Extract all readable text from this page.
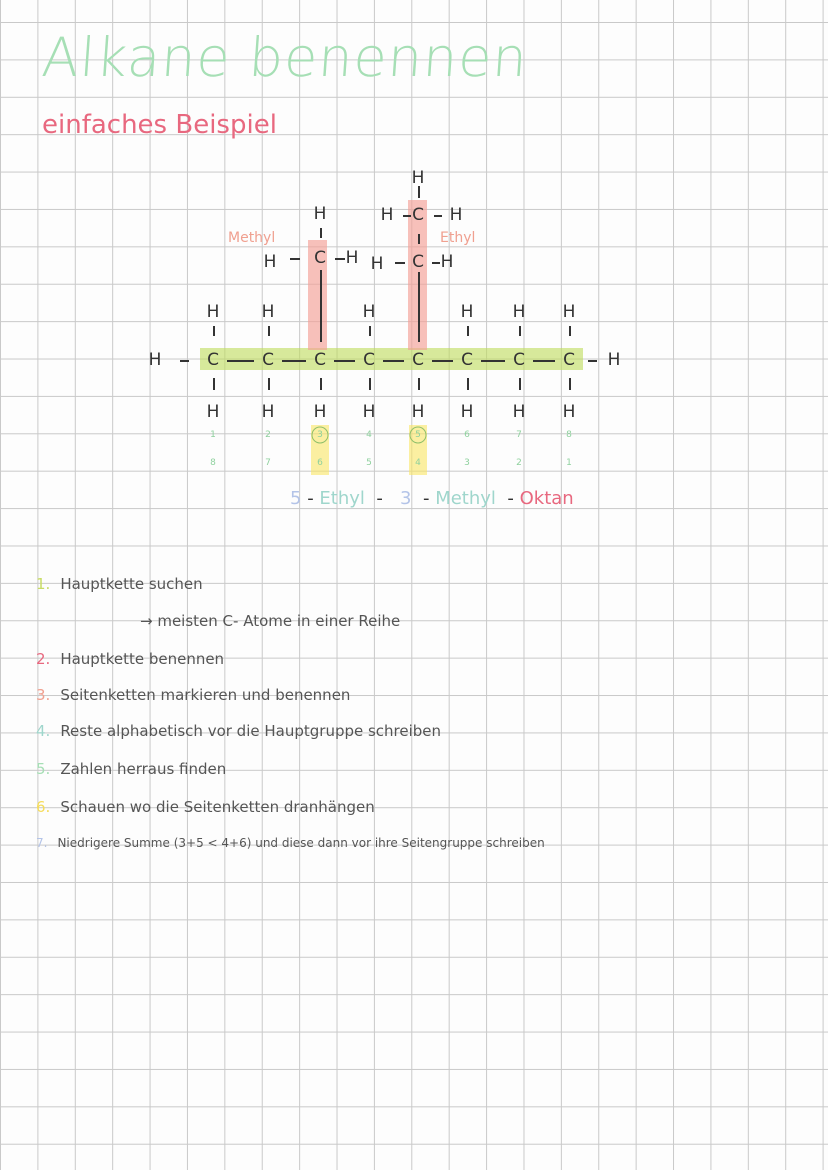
Alkane benennen
einfaches Beispiel
Methyl	Ethyl
H	H
C
H
H
1
8
C
H
H
2
7
C
H
3
6
C
H
H
4
5
C
H
5
4
C
H
H
6
3
C
H
H
7
2
C
H
H
8
1
C
H
H	H	C
H	H
C
H	H
H
5 - Ethyl - 3 - Methyl - Oktan
1. Hauptkette suchen
→ meisten C- Atome in einer Reihe
2. Hauptkette benennen
3. Seitenketten markieren und benennen
4. Reste alphabetisch vor die Hauptgruppe schreiben
5. Zahlen herraus finden
6. Schauen wo die Seitenketten dranhängen
7. Niedrigere Summe (3+5 < 4+6) und diese dann vor ihre Seitengruppe schreiben
